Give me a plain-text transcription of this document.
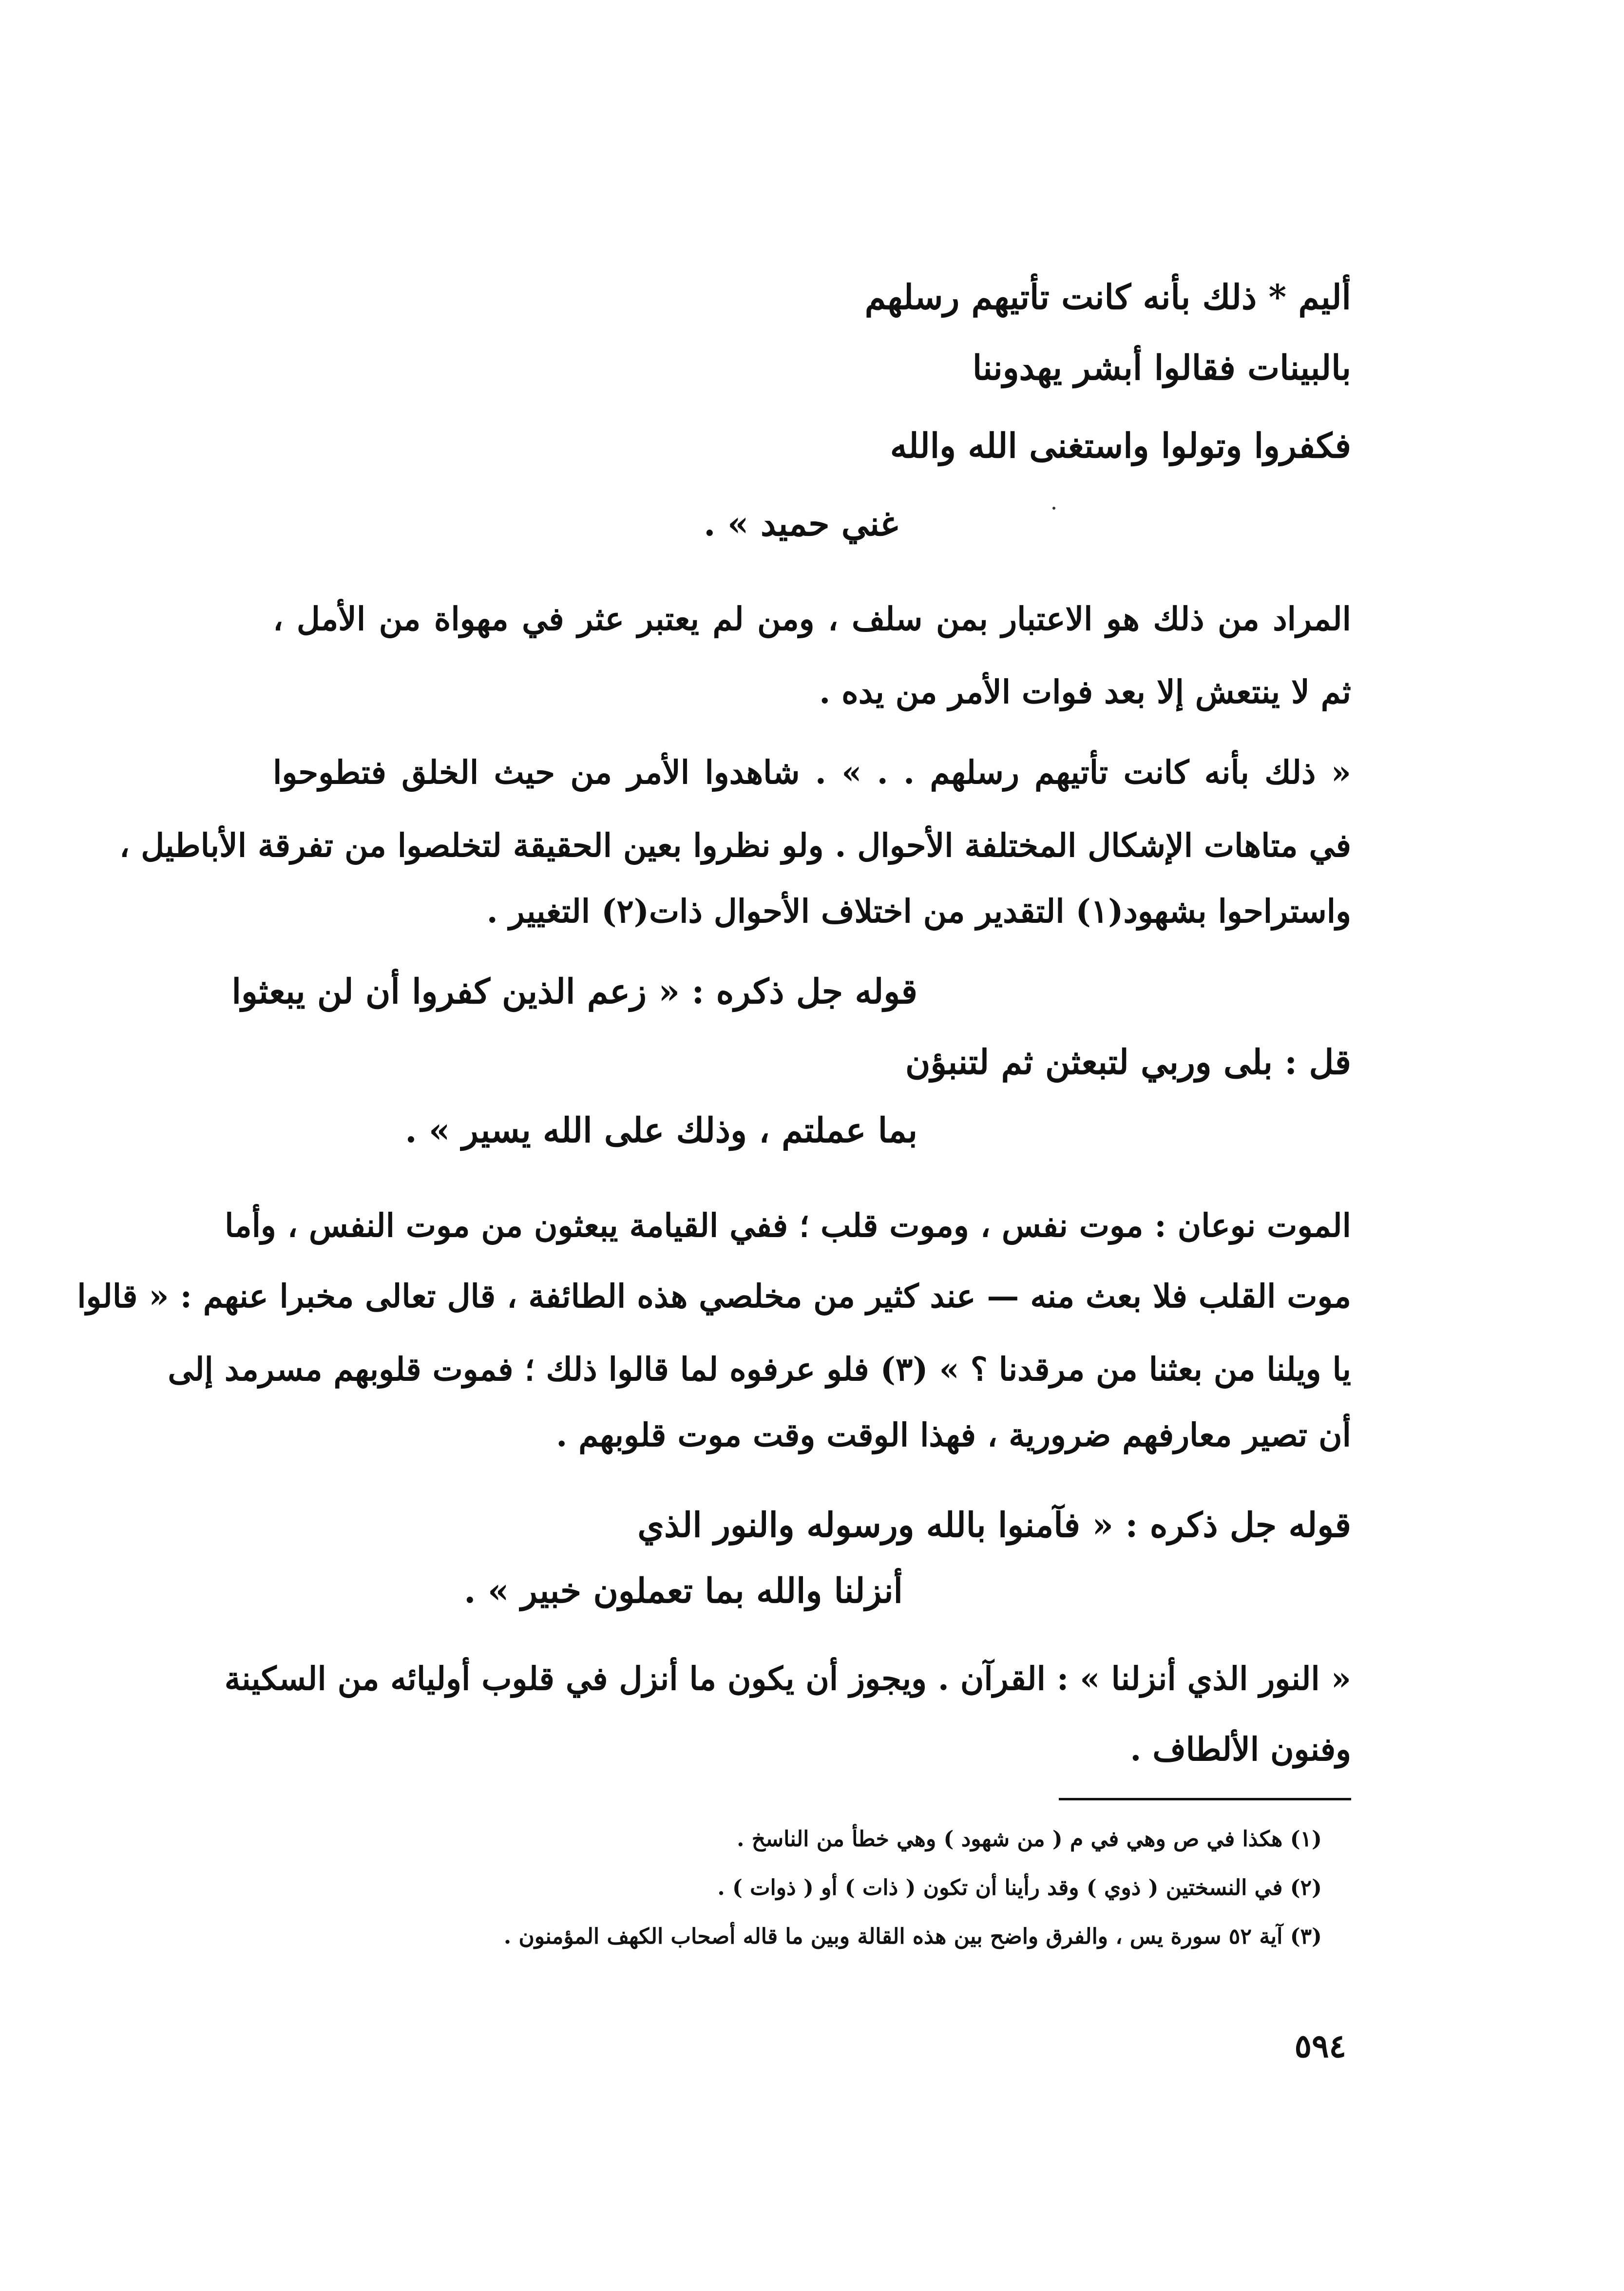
أليم * ذلك بأنه كانت تأتيهم رسلهم
بالبينات فقالوا أبشر يهدوننا
فكفروا وتولوا واستغنى الله والله
غني حميد » .
المراد من ذلك هو الاعتبار بمن سلف ، ومن لم يعتبر عثر في مهواة من الأمل ،
ثم لا ينتعش إلا بعد فوات الأمر من يده .
« ذلك بأنه كانت تأتيهم رسلهم . . » . شاهدوا الأمر من حيث الخلق فتطوحوا
في متاهات الإشكال المختلفة الأحوال . ولو نظروا بعين الحقيقة لتخلصوا من تفرقة الأباطيل ،
واستراحوا بشهود(١) التقدير من اختلاف الأحوال ذات(٢) التغيير .
قوله جل ذكره : « زعم الذين كفروا أن لن يبعثوا
قل : بلى وربي لتبعثن ثم لتنبؤن
بما عملتم ، وذلك على الله يسير » .
الموت نوعان : موت نفس ، وموت قلب ؛ ففي القيامة يبعثون من موت النفس ، وأما
موت القلب فلا بعث منه — عند كثير من مخلصي هذه الطائفة ، قال تعالى مخبرا عنهم : « قالوا
يا ويلنا من بعثنا من مرقدنا ؟ » (٣) فلو عرفوه لما قالوا ذلك ؛ فموت قلوبهم مسرمد إلى
أن تصير معارفهم ضرورية ، فهذا الوقت وقت موت قلوبهم .
قوله جل ذكره : « فآمنوا بالله ورسوله والنور الذي
أنزلنا والله بما تعملون خبير » .
« النور الذي أنزلنا » : القرآن . ويجوز أن يكون ما أنزل في قلوب أوليائه من السكينة
وفنون الألطاف .
(١) هكذا في ص وهي في م ( من شهود ) وهي خطأ من الناسخ .
(٢) في النسختين ( ذوي ) وقد رأينا أن تكون ( ذات ) أو ( ذوات ) .
(٣) آية ٥٢ سورة يس ، والفرق واضح بين هذه القالة وبين ما قاله أصحاب الكهف المؤمنون .
٥٩٤
